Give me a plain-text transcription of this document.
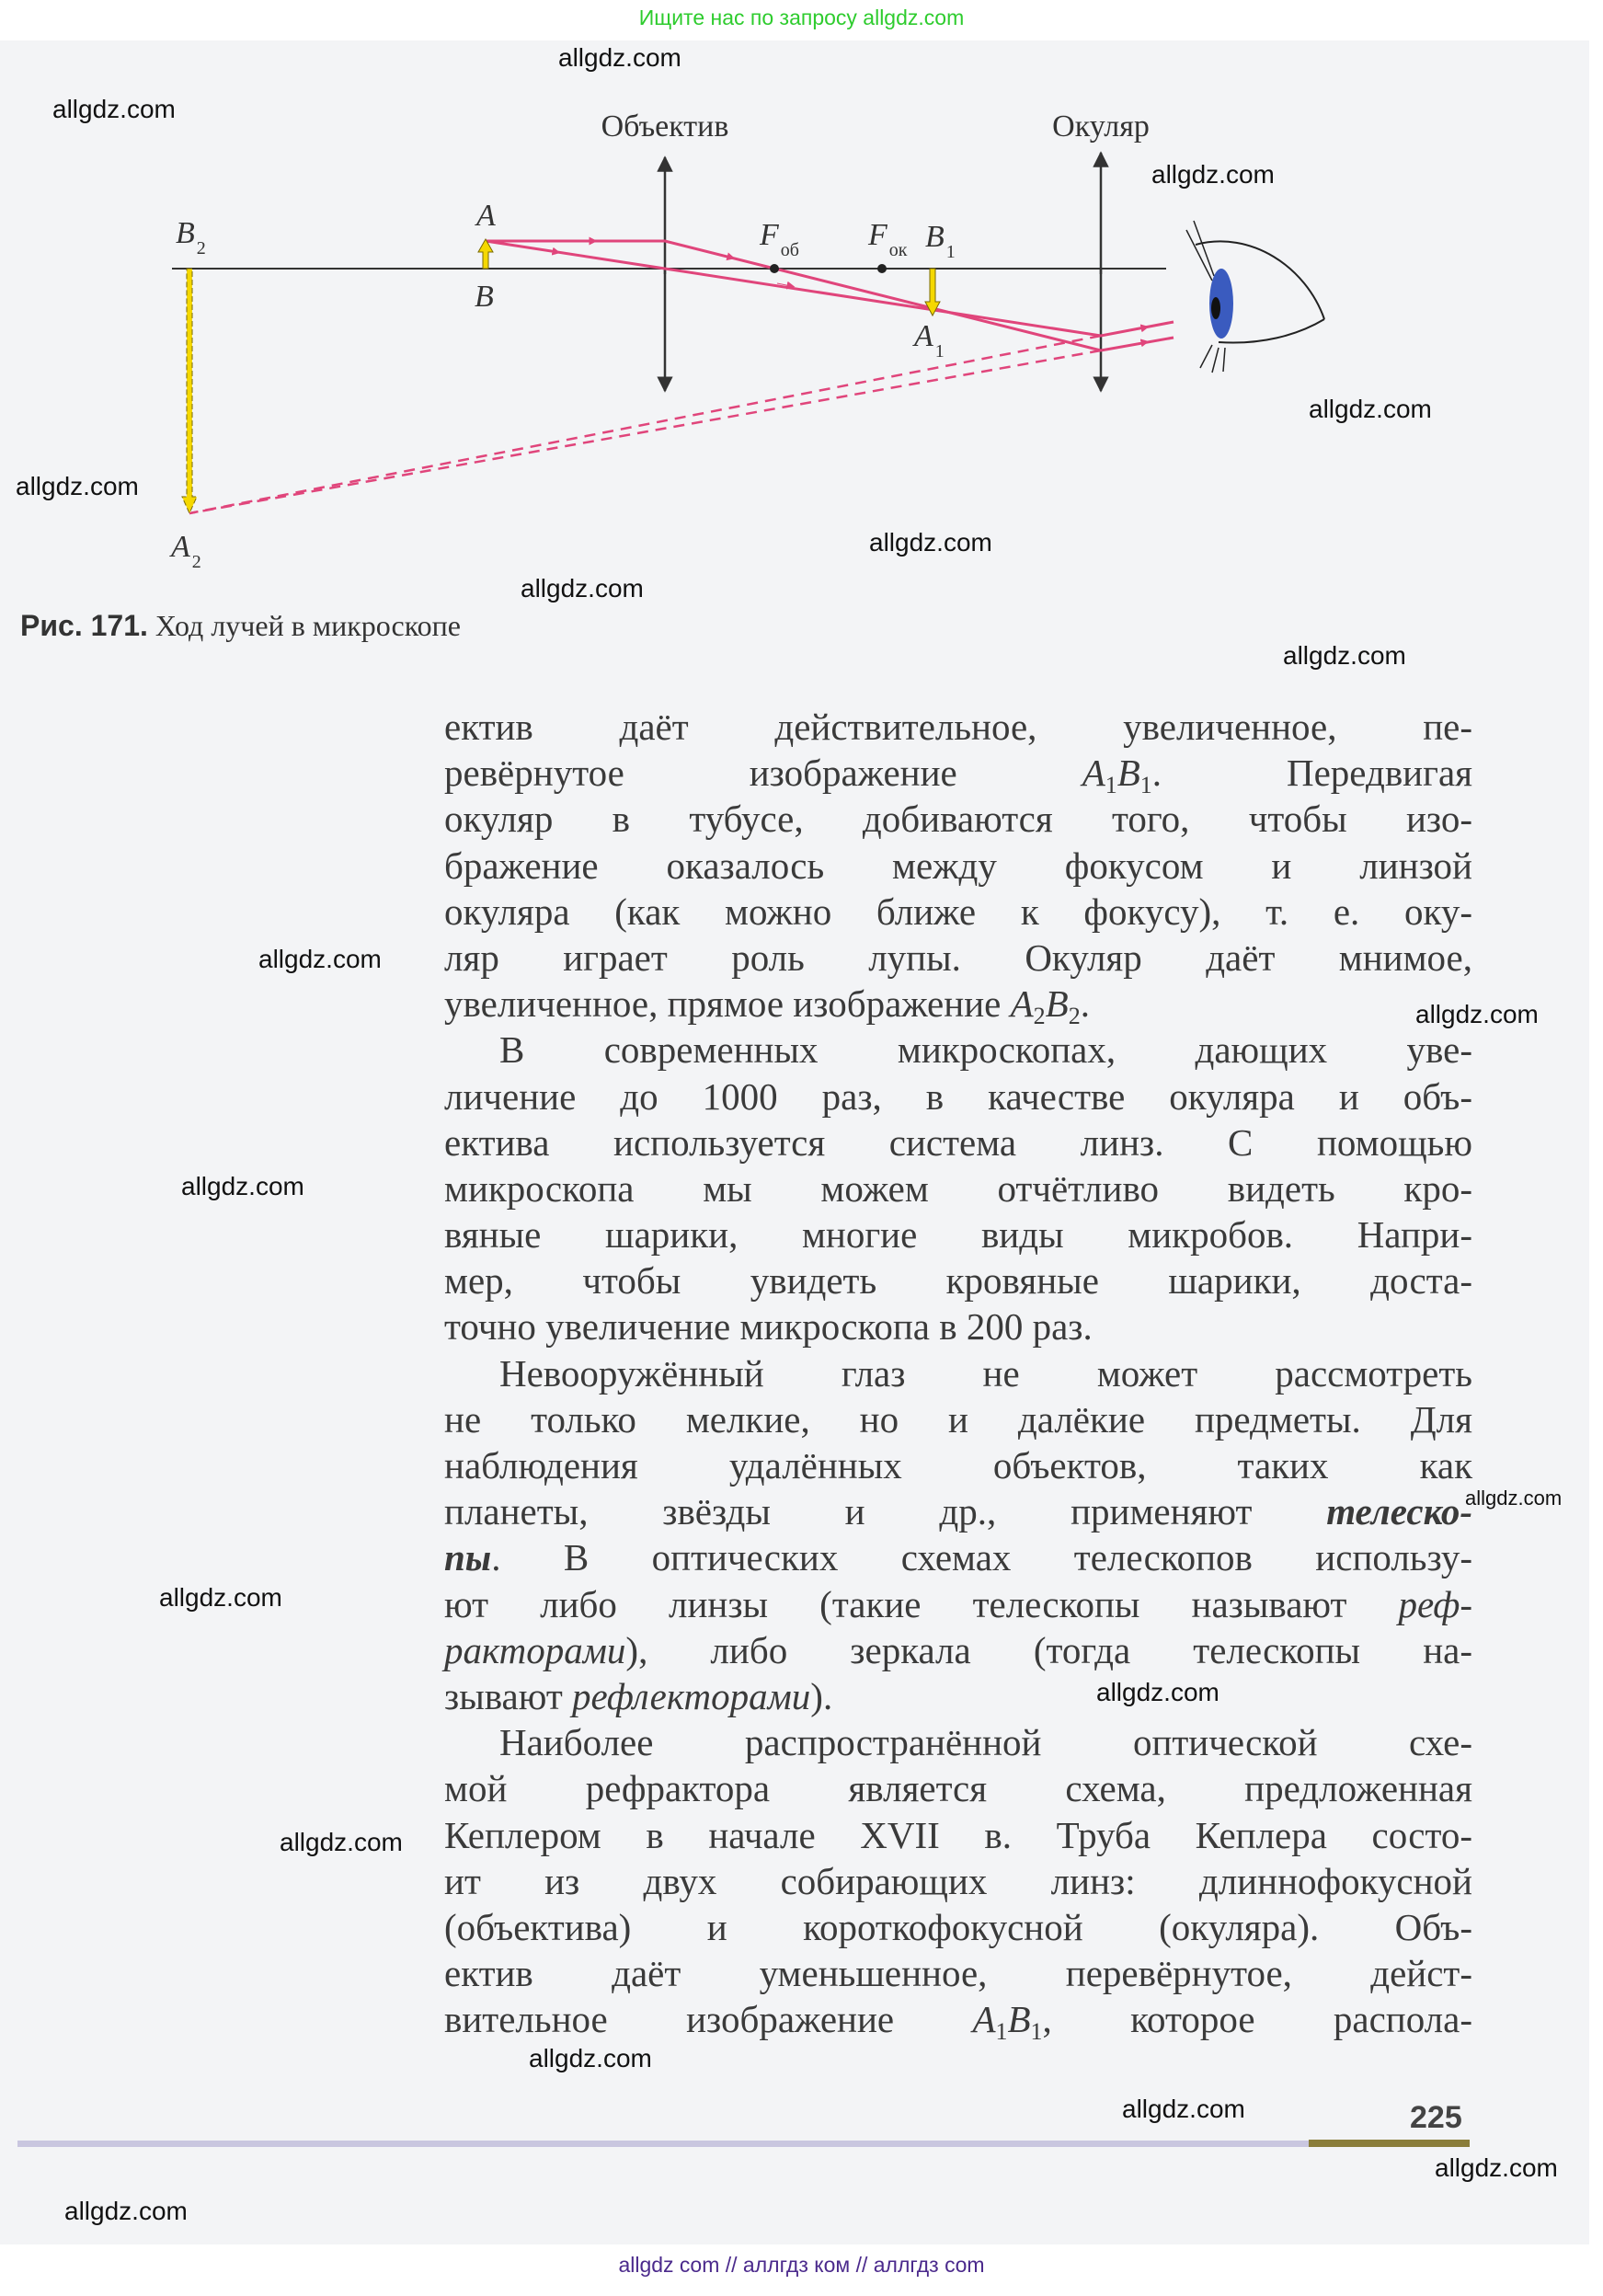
Ищите нас по запросу allgdz.com
Объектив	Окуляр
A
B
F $_{об}$ F $_{ок}$ B $_1$
A $_1$
B $_2$
A $_2$
Рис. 171. Ход лучей в микроскопе
ектив даёт действительное, увеличенное, пе-
ревёрнутое изображение $A_1B_1$. Передвигая
окуляр в тубусе, добиваются того, чтобы изо-
бражение оказалось между фокусом и линзой
окуляра (как можно ближе к фокусу), т. е. оку-
ляр играет роль лупы. Окуляр даёт мнимое,
увеличенное, прямое изображение $A_2B_2$.
В современных микроскопах, дающих уве-
личение до 1000 раз, в качестве окуляра и объ-
ектива используется система линз. С помощью
микроскопа мы можем отчётливо видеть кро-
вяные шарики, многие виды микробов. Напри-
мер, чтобы увидеть кровяные шарики, доста-
точно увеличение микроскопа в 200 раз.
Невооружённый глаз не может рассмотреть
не только мелкие, но и далёкие предметы. Для
наблюдения удалённых объектов, таких как
планеты, звёзды и др., применяют телеско-
пы. В оптических схемах телескопов использу-
ют либо линзы (такие телескопы называют реф-
ракторами), либо зеркала (тогда телескопы на-
зывают рефлекторами).
Наиболее распространённой оптической схе-
мой рефрактора является схема, предложенная
Кеплером в начале XVII в. Труба Кеплера состо-
ит из двух собирающих линз: длиннофокусной
(объектива) и короткофокусной (окуляра). Объ-
ектив даёт уменьшенное, перевёрнутое, дейст-
вительное изображение $A_1B_1$, которое распола-
225
allgdz.com
allgdz.com
allgdz.com
allgdz.com
allgdz.com
allgdz.com
allgdz.com
allgdz.com
allgdz.com
allgdz.com
allgdz.com
allgdz.com
allgdz.com
allgdz.com
allgdz.com
allgdz.com
allgdz.com
allgdz.com
allgdz.com
allgdz com // аллгдз ком // аллгдз com
